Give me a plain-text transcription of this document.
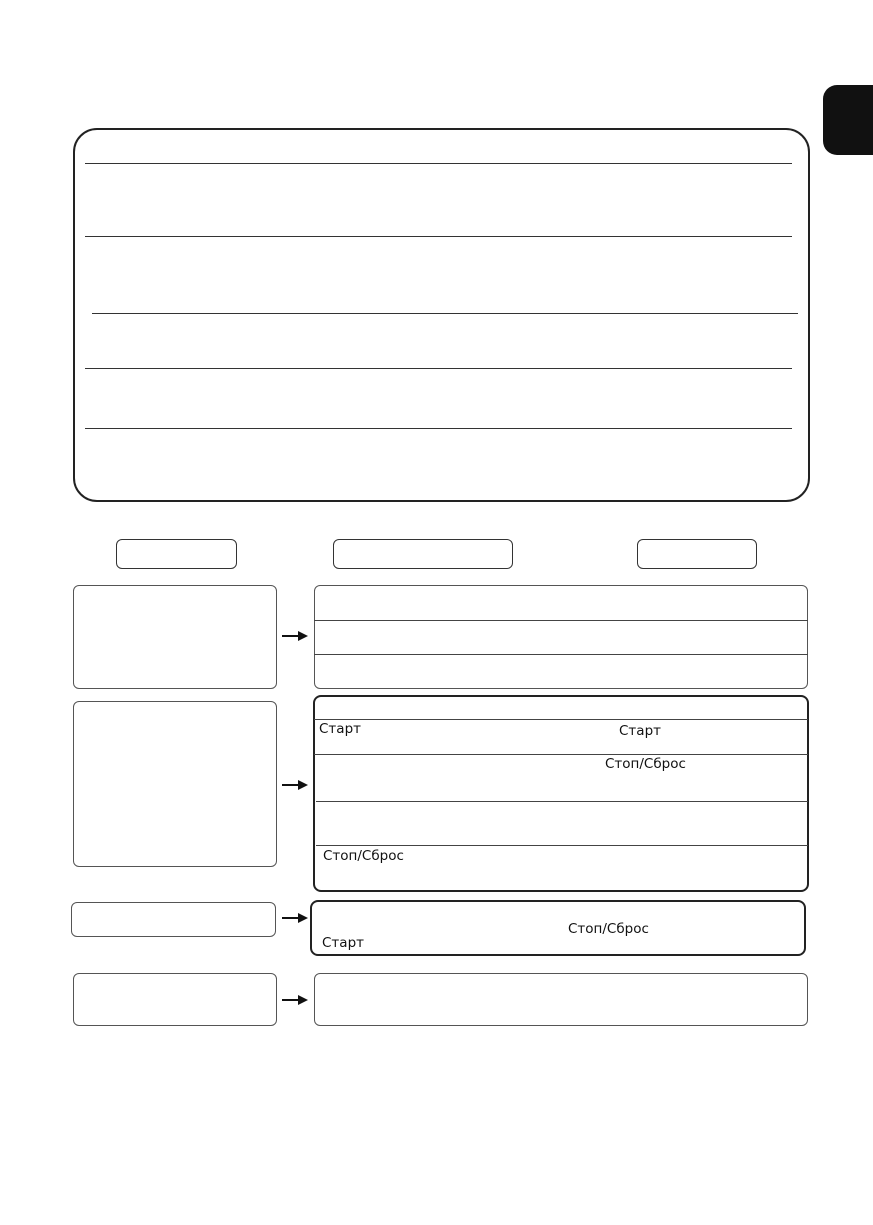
Старт	Старт
Стоп/Сброс
Стоп/Сброс
Стоп/Сброс
Старт
